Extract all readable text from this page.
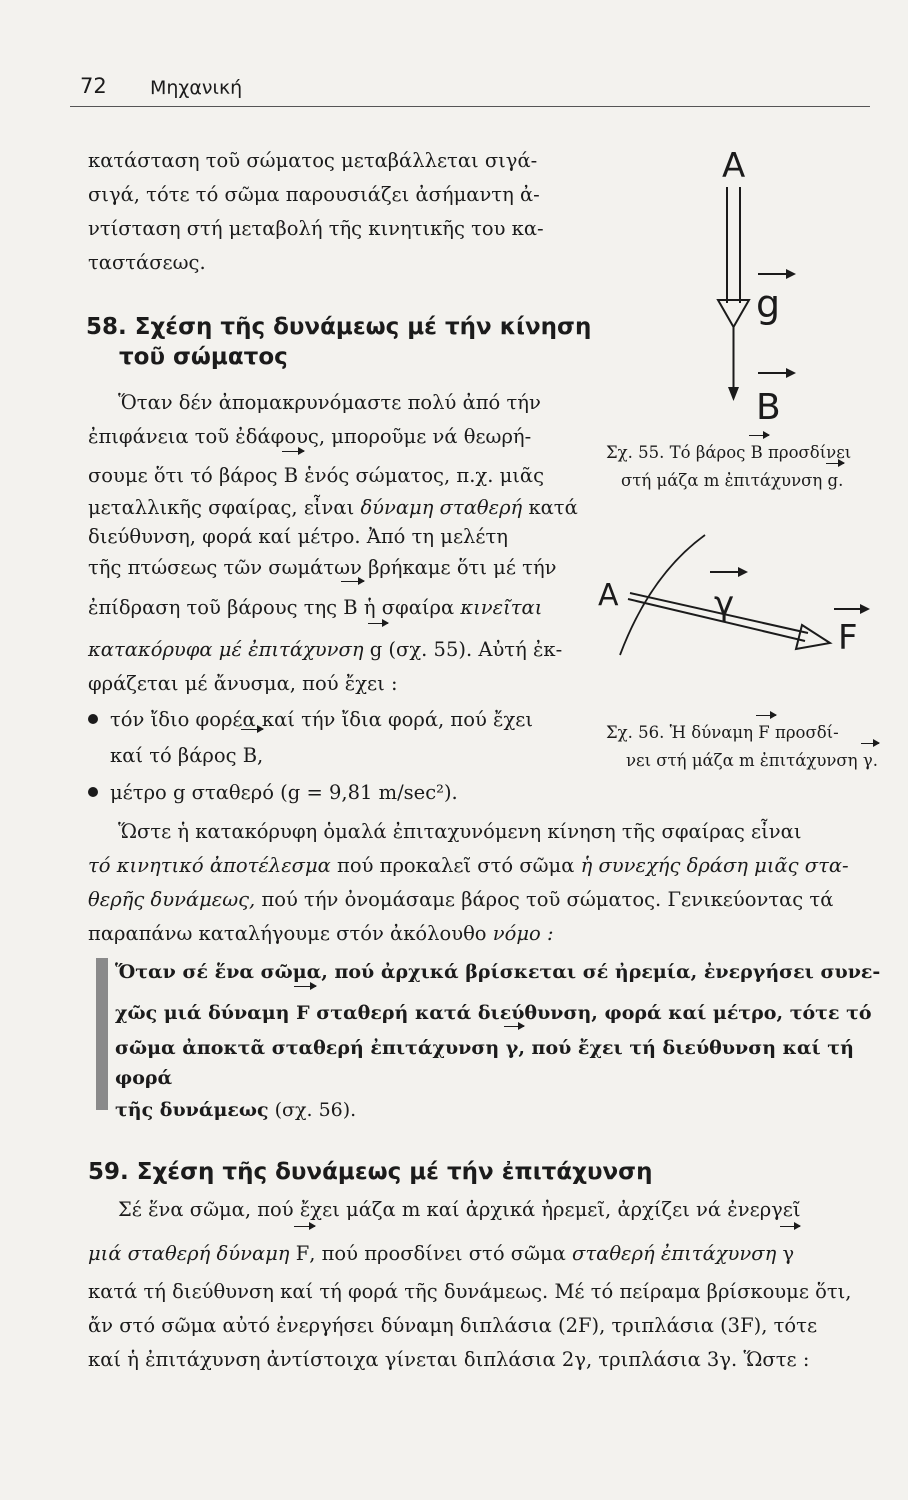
72 Μηχανική

κατάσταση τοῦ σώματος μεταβάλλεται σιγά-

σιγά, τότε τό σῶμα παρουσιάζει ἀσήμαντη ἀ-

ντίσταση στή μεταβολή τῆς κινητικῆς του κα-

ταστάσεως.

58. Σχέση τῆς δυνάμεως μέ τήν κίνηση

τοῦ σώματος

Ὅταν δέν ἀπομακρυνόμαστε πολύ ἀπό τήν

ἐπιφάνεια τοῦ ἐδάφους, μποροῦμε νά θεωρή-

σουμε ὅτι τό βάρος B ἑνός σώματος, π.χ. μιᾶς

μεταλλικῆς σφαίρας, εἶναι δύναμη σταθερή κατά

διεύθυνση, φορά καί μέτρο. Ἀπό τη μελέτη

τῆς πτώσεως τῶν σωμάτων βρήκαμε ὅτι μέ τήν

ἐπίδραση τοῦ βάρους της B ἡ σφαίρα κινεῖται

κατακόρυφα μέ ἐπιτάχυνση g (σχ. 55). Αὐτή ἐκ-

φράζεται μέ ἄνυσμα, πού ἔχει :

τόν ἴδιο φορέα καί τήν ἴδια φορά, πού ἔχει

καί τό βάρος B,

μέτρο g σταθερό (g = 9,81 m/sec²).

Ὥστε ἡ κατακόρυφη ὁμαλά ἐπιταχυνόμενη κίνηση τῆς σφαίρας εἶναι

τό κινητικό ἀποτέλεσμα πού προκαλεῖ στό σῶμα ἡ συνεχής δράση μιᾶς στα-

θερῆς δυνάμεως, πού τήν ὀνομάσαμε βάρος τοῦ σώματος. Γενικεύοντας τά

παραπάνω καταλήγουμε στόν ἀκόλουθο νόμο :

Ὅταν σέ ἕνα σῶμα, πού ἀρχικά βρίσκεται σέ ἠρεμία, ἐνεργήσει συνε-

χῶς μιά δύναμη F σταθερή κατά διεύθυνση, φορά καί μέτρο, τότε τό

σῶμα ἀποκτᾶ σταθερή ἐπιτάχυνση γ, πού ἔχει τή διεύθυνση καί τή φορά

τῆς δυνάμεως (σχ. 56).

59. Σχέση τῆς δυνάμεως μέ τήν ἐπιτάχυνση

Σέ ἕνα σῶμα, πού ἔχει μάζα m καί ἀρχικά ἠρεμεῖ, ἀρχίζει νά ἐνεργεῖ

μιά σταθερή δύναμη F, πού προσδίνει στό σῶμα σταθερή ἐπιτάχυνση γ

κατά τή διεύθυνση καί τή φορά τῆς δυνάμεως. Μέ τό πείραμα βρίσκουμε ὅτι,

ἄν στό σῶμα αὐτό ἐνεργήσει δύναμη διπλάσια (2F), τριπλάσια (3F), τότε

καί ἡ ἐπιτάχυνση ἀντίστοιχα γίνεται διπλάσια 2γ, τριπλάσια 3γ. Ὥστε :

A
g
B
Σχ. 55. Τό βάρος B προσδίνει
στή μάζα m ἐπιτάχυνση g.
A	γ
F
Σχ. 56. Ἡ δύναμη F προσδί-
νει στή μάζα m ἐπιτάχυνση γ.
